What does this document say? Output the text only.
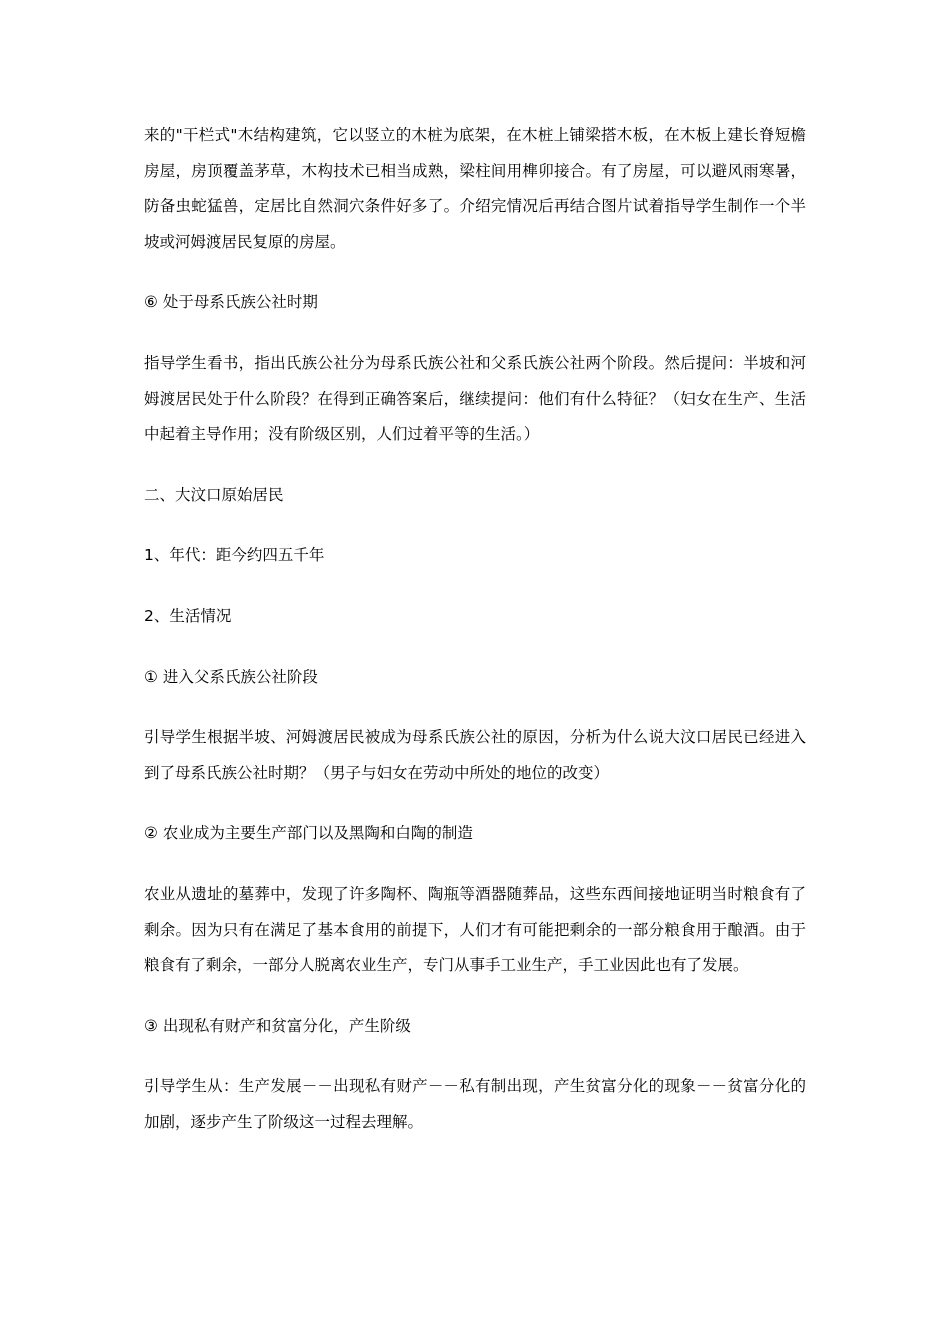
来的"干栏式"木结构建筑，它以竖立的木桩为底架，在木桩上铺梁搭木板，在木板上建长脊短檐房屋，房顶覆盖茅草，木构技术已相当成熟，梁柱间用榫卯接合。有了房屋，可以避风雨寒暑，防备虫蛇猛兽，定居比自然洞穴条件好多了。介绍完情况后再结合图片试着指导学生制作一个半坡或河姆渡居民复原的房屋。

⑥ 处于母系氏族公社时期

指导学生看书，指出氏族公社分为母系氏族公社和父系氏族公社两个阶段。然后提问：半坡和河姆渡居民处于什么阶段？在得到正确答案后，继续提问：他们有什么特征？（妇女在生产、生活中起着主导作用；没有阶级区别，人们过着平等的生活。）

二、大汶口原始居民

1、年代：距今约四五千年

2、生活情况

① 进入父系氏族公社阶段

引导学生根据半坡、河姆渡居民被成为母系氏族公社的原因，分析为什么说大汶口居民已经进入到了母系氏族公社时期？（男子与妇女在劳动中所处的地位的改变）

② 农业成为主要生产部门以及黑陶和白陶的制造

农业从遗址的墓葬中，发现了许多陶杯、陶瓶等酒器随葬品，这些东西间接地证明当时粮食有了剩余。因为只有在满足了基本食用的前提下，人们才有可能把剩余的一部分粮食用于酿酒。由于粮食有了剩余，一部分人脱离农业生产，专门从事手工业生产，手工业因此也有了发展。

③ 出现私有财产和贫富分化，产生阶级

引导学生从：生产发展－－出现私有财产－－私有制出现，产生贫富分化的现象－－贫富分化的加剧，逐步产生了阶级这一过程去理解。
